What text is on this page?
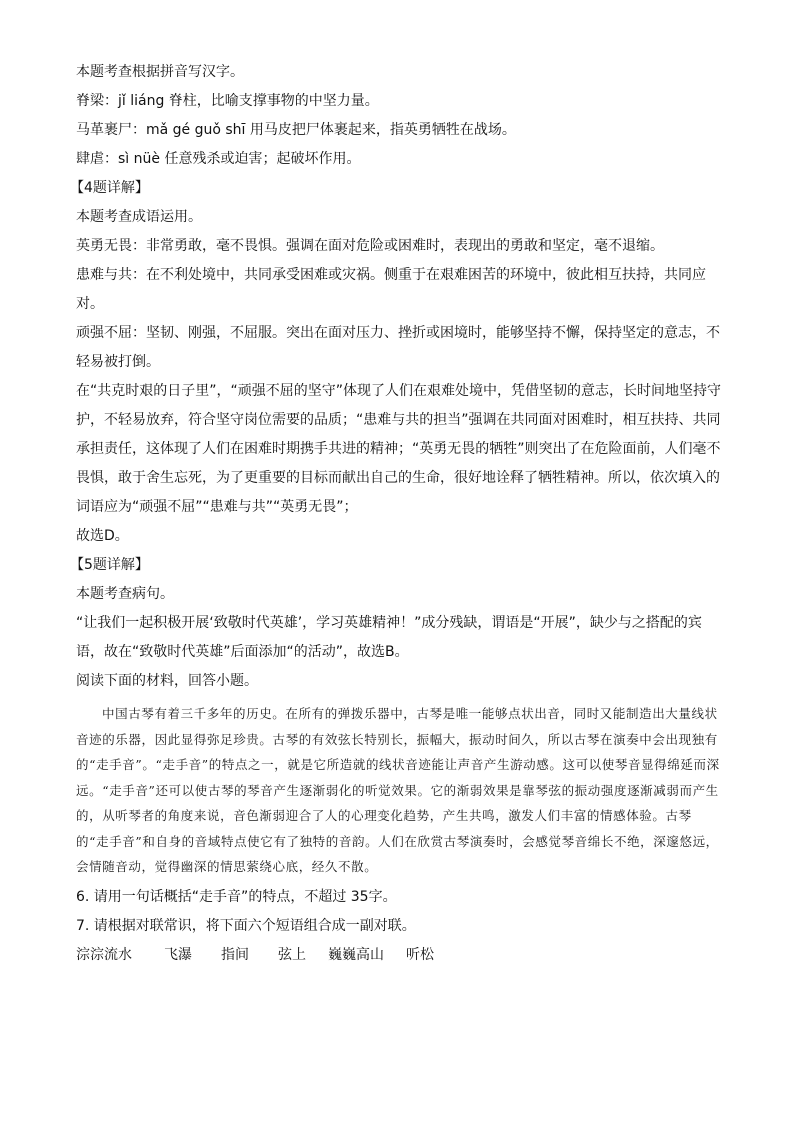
本题考查根据拼音写汉字。

脊梁：jǐ liáng 脊柱，比喻支撑事物的中坚力量。

马革裹尸：mǎ gé guǒ shī 用马皮把尸体裹起来，指英勇牺牲在战场。

肆虐：sì nüè 任意残杀或迫害；起破坏作用。

【4题详解】

本题考查成语运用。

英勇无畏：非常勇敢，毫不畏惧。强调在面对危险或困难时，表现出的勇敢和坚定，毫不退缩。

患难与共：在不利处境中，共同承受困难或灾祸。侧重于在艰难困苦的环境中，彼此相互扶持，共同应对。

顽强不屈：坚韧、刚强，不屈服。突出在面对压力、挫折或困境时，能够坚持不懈，保持坚定的意志，不轻易被打倒。

在“共克时艰的日子里”，“顽强不屈的坚守”体现了人们在艰难处境中，凭借坚韧的意志，长时间地坚持守护，不轻易放弃，符合坚守岗位需要的品质；“患难与共的担当”强调在共同面对困难时，相互扶持、共同承担责任，这体现了人们在困难时期携手共进的精神；“英勇无畏的牺牲”则突出了在危险面前，人们毫不畏惧，敢于舍生忘死，为了更重要的目标而献出自己的生命，很好地诠释了牺牲精神。所以，依次填入的词语应为“顽强不屈”“患难与共”“英勇无畏”；

故选D。

【5题详解】

本题考查病句。

“让我们一起积极开展‘致敬时代英雄’，学习英雄精神！”成分残缺，谓语是“开展”，缺少与之搭配的宾语，故在“致敬时代英雄”后面添加“的活动”，故选B。

阅读下面的材料，回答小题。

中国古琴有着三千多年的历史。在所有的弹拨乐器中，古琴是唯一能够点状出音，同时又能制造出大量线状音迹的乐器，因此显得弥足珍贵。古琴的有效弦长特别长，振幅大，振动时间久，所以古琴在演奏中会出现独有的“走手音”。“走手音”的特点之一，就是它所造就的线状音迹能让声音产生游动感。这可以使琴音显得绵延而深远。“走手音”还可以使古琴的琴音产生逐渐弱化的听觉效果。它的渐弱效果是靠琴弦的振动强度逐渐减弱而产生的，从听琴者的角度来说，音色渐弱迎合了人的心理变化趋势，产生共鸣，激发人们丰富的情感体验。古琴的“走手音”和自身的音域特点使它有了独特的音韵。人们在欣赏古琴演奏时，会感觉琴音绵长不绝，深邃悠远，会情随音动，觉得幽深的情思萦绕心底，经久不散。

6. 请用一句话概括“走手音”的特点，不超过 35字。

7. 请根据对联常识，将下面六个短语组合成一副对联。

淙淙流水	飞瀑	指间	弦上	巍巍高山	听松
